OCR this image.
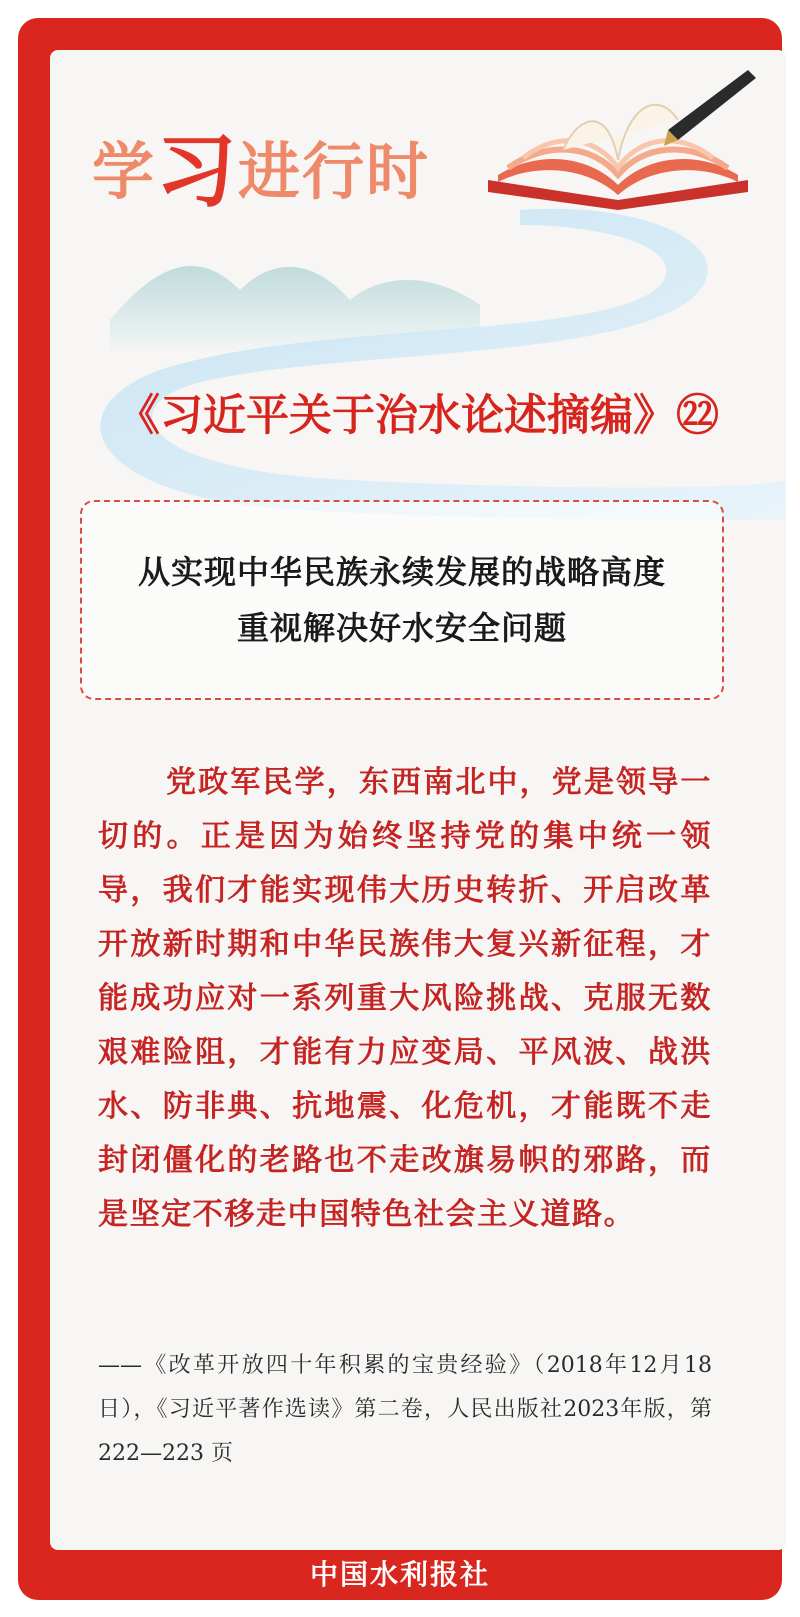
学习进行时
《习近平关于治水论述摘编》㉒
从实现中华民族永续发展的战略高度
重视解决好水安全问题

党政军民学，东西南北中，党是领导一切的。正是因为始终坚持党的集中统一领导，我们才能实现伟大历史转折、开启改革开放新时期和中华民族伟大复兴新征程，才能成功应对一系列重大风险挑战、克服无数艰难险阻，才能有力应变局、平风波、战洪水、防非典、抗地震、化危机，才能既不走封闭僵化的老路也不走改旗易帜的邪路，而是坚定不移走中国特色社会主义道路。

——《改革开放四十年积累的宝贵经验》（2018年12月18日），《习近平著作选读》第二卷，人民出版社2023年版，第 222—223 页

中国水利报社
